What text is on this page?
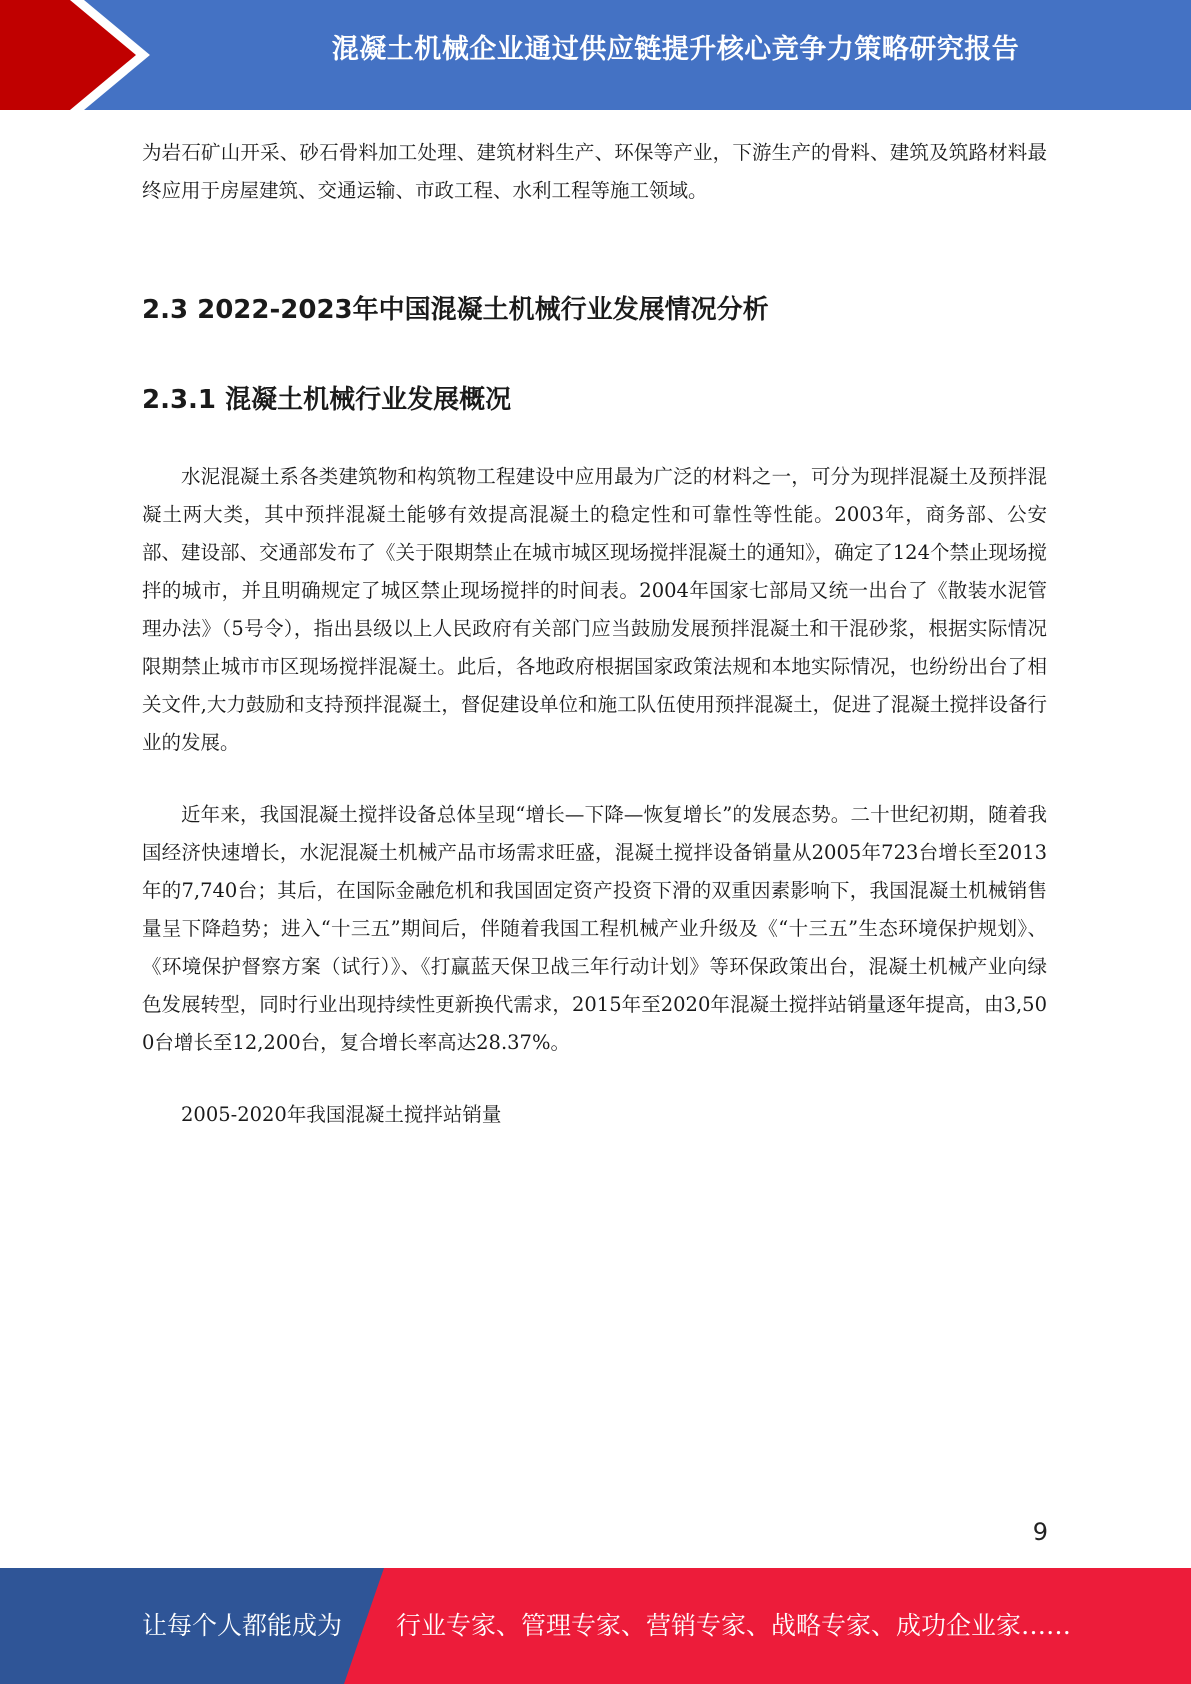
混凝土机械企业通过供应链提升核心竞争力策略研究报告

为岩石矿山开采、砂石骨料加工处理、建筑材料生产、环保等产业，下游生产的骨料、建筑及筑路材料最终应用于房屋建筑、交通运输、市政工程、水利工程等施工领域。

2.3 2022-2023年中国混凝土机械行业发展情况分析
2.3.1 混凝土机械行业发展概况

水泥混凝土系各类建筑物和构筑物工程建设中应用最为广泛的材料之一，可分为现拌混凝土及预拌混凝土两大类，其中预拌混凝土能够有效提高混凝土的稳定性和可靠性等性能。2003年，商务部、公安部、建设部、交通部发布了《关于限期禁止在城市城区现场搅拌混凝土的通知》，确定了124个禁止现场搅拌的城市，并且明确规定了城区禁止现场搅拌的时间表。2004年国家七部局又统一出台了《散装水泥管理办法》（5号令），指出县级以上人民政府有关部门应当鼓励发展预拌混凝土和干混砂浆，根据实际情况限期禁止城市市区现场搅拌混凝土。此后，各地政府根据国家政策法规和本地实际情况，也纷纷出台了相关文件,大力鼓励和支持预拌混凝土，督促建设单位和施工队伍使用预拌混凝土，促进了混凝土搅拌设备行业的发展。

近年来，我国混凝土搅拌设备总体呈现“增长—下降—恢复增长”的发展态势。二十世纪初期，随着我国经济快速增长，水泥混凝土机械产品市场需求旺盛，混凝土搅拌设备销量从2005年723台增长至2013年的7,740台；其后，在国际金融危机和我国固定资产投资下滑的双重因素影响下，我国混凝土机械销售量呈下降趋势；进入“十三五”期间后，伴随着我国工程机械产业升级及《“十三五”生态环境保护规划》、《环境保护督察方案（试行）》、《打赢蓝天保卫战三年行动计划》等环保政策出台，混凝土机械产业向绿色发展转型，同时行业出现持续性更新换代需求，2015年至2020年混凝土搅拌站销量逐年提高，由3,500台增长至12,200台，复合增长率高达28.37%。

2005-2020年我国混凝土搅拌站销量
9
让每个人都能成为 行业专家、管理专家、营销专家、战略专家、成功企业家……
